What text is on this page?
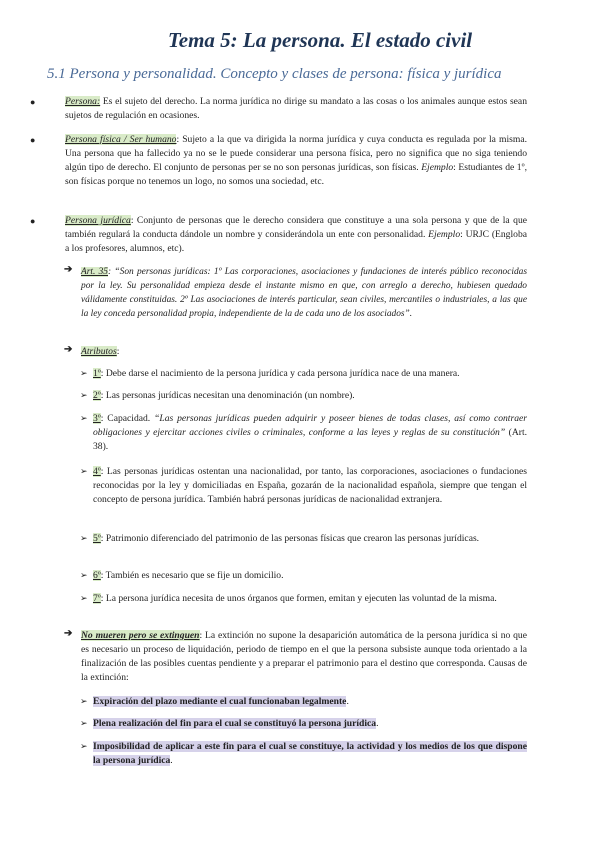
Tema 5: La persona. El estado civil
5.1 Persona y personalidad. Concepto y clases de persona: física y jurídica
●	Persona: Es el sujeto del derecho. La norma jurídica no dirige su mandato a las cosas o los animales aunque estos sean sujetos de regulación en ocasiones.
●	Persona física / Ser humano: Sujeto a la que va dirigida la norma jurídica y cuya conducta es regulada por la misma. Una persona que ha fallecido ya no se le puede considerar una persona física, pero no significa que no siga teniendo algún tipo de derecho. El conjunto de personas per se no son personas jurídicas, son físicas. Ejemplo: Estudiantes de 1º, son físicas porque no tenemos un logo, no somos una sociedad, etc.
●	Persona jurídica: Conjunto de personas que le derecho considera que constituye a una sola persona y que de la que también regulará la conducta dándole un nombre y considerándola un ente con personalidad. Ejemplo: URJC (Engloba a los profesores, alumnos, etc).
➔ Art. 35: “Son personas jurídicas: 1º Las corporaciones, asociaciones y fundaciones de interés público reconocidas por la ley. Su personalidad empieza desde el instante mismo en que, con arreglo a derecho, hubiesen quedado válidamente constituidas. 2º Las asociaciones de interés particular, sean civiles, mercantiles o industriales, a las que la ley conceda personalidad propia, independiente de la de cada uno de los asociados”.
➔ Atributos:
➢ 1º: Debe darse el nacimiento de la persona jurídica y cada persona jurídica nace de una manera.
➢ 2º: Las personas jurídicas necesitan una denominación (un nombre).
➢ 3º: Capacidad. “Las personas jurídicas pueden adquirir y poseer bienes de todas clases, así como contraer obligaciones y ejercitar acciones civiles o criminales, conforme a las leyes y reglas de su constitución” (Art. 38).
➢ 4º: Las personas jurídicas ostentan una nacionalidad, por tanto, las corporaciones, asociaciones o fundaciones reconocidas por la ley y domiciliadas en España, gozarán de la nacionalidad española, siempre que tengan el concepto de persona jurídica. También habrá personas jurídicas de nacionalidad extranjera.
➢ 5º: Patrimonio diferenciado del patrimonio de las personas físicas que crearon las personas jurídicas.
➢ 6º: También es necesario que se fije un domicilio.
➢ 7º: La persona jurídica necesita de unos órganos que formen, emitan y ejecuten las voluntad de la misma.
➔ No mueren pero se extinguen: La extinción no supone la desaparición automática de la persona jurídica si no que es necesario un proceso de liquidación, periodo de tiempo en el que la persona subsiste aunque toda orientado a la finalización de las posibles cuentas pendiente y a preparar el patrimonio para el destino que corresponda. Causas de la extinción:
➢ Expiración del plazo mediante el cual funcionaban legalmente.
➢ Plena realización del fin para el cual se constituyó la persona jurídica.
➢ Imposibilidad de aplicar a este fin para el cual se constituye, la actividad y los medios de los que dispone la persona jurídica.
